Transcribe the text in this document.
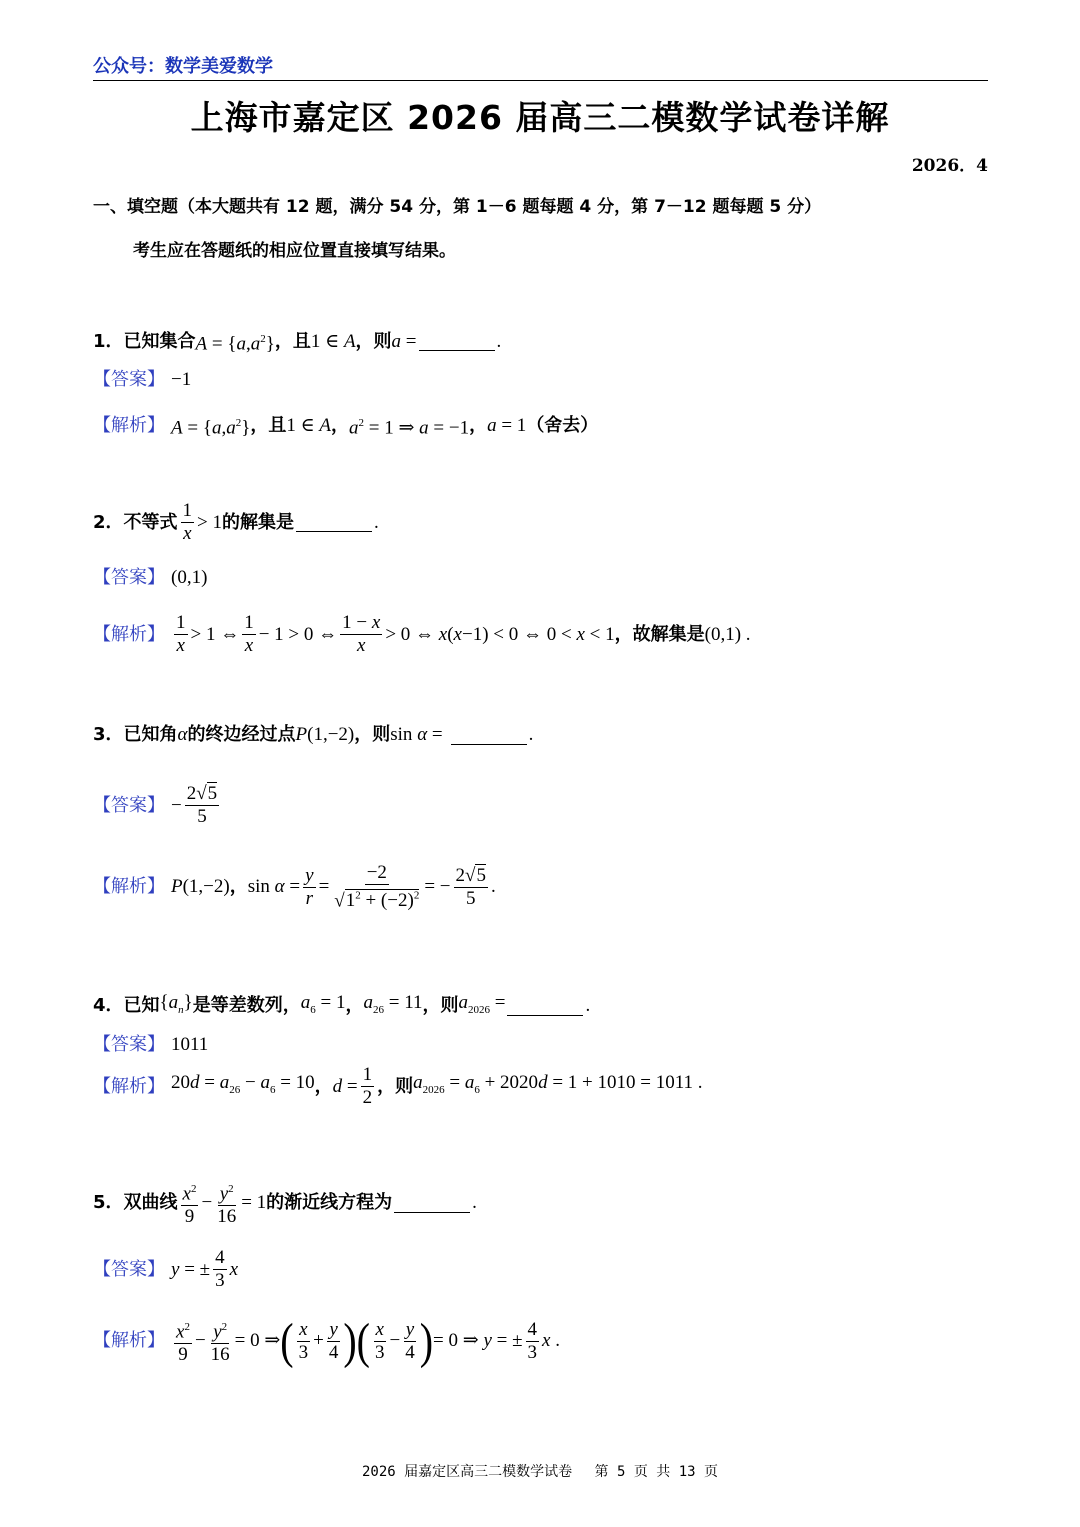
公众号：数学美爱数学
上海市嘉定区 2026 届高三二模数学试卷详解
2026．4
一、填空题（本大题共有 12 题，满分 54 分，第 1－6 题每题 4 分，第 7－12 题每题 5 分）
考生应在答题纸的相应位置直接填写结果。
1． 已知集合 $A = \{a,a^2\}$ ，且 1 ∈ A ，则 a =	.
【答案】 −1
【解析】 $A = \{a,a^2\}$ ，且 1 ∈ A ， $a^2 = 1$ ⇒ a = −1 ， a = 1 （舍去）
2． 不等式 $\frac{1}{x} > 1$ 的解集是	.
【答案】 (0,1)
【解析】 $\frac{1}{x} > 1$ ⇔ $\frac{1}{x} - 1 > 0$ ⇔ $\frac{1 - x}{x} > 0$ ⇔ x(x−1) < 0 ⇔ 0 < x < 1 ，故解集是 (0,1) .
3． 已知角 α 的终边经过点 P(1,−2) ，则 sin α =	.
【答案】 − $\frac{2√5}{5}$
【解析】 P(1,−2) ， $\sin \alpha = \frac{y}{r} = \frac{-2}{√1^2 + (-2)^2}$ = − $\frac{2√5}{5}$ .
4． 已知 $\{a_n\}$ 是等差数列， $a_6 = 1$ ， $a_{26} = 11$ ，则 $a_{2026}$ =	.
【答案】 1011
【解析】 $20d = a_{26} - a_6 = 10$ ， $d = \frac{1}{2}$ ，则 $a_{2026} = a_6 + 2020d = 1 + 1010 = 1011$ .
5． 双曲线 $\frac{x^2}{9} - \frac{y^2}{16} = 1$ 的渐近线方程为	.
【答案】 y = ± $\frac{4}{3}$ x
【解析】 $\frac{x^2}{9} - \frac{y^2}{16} = 0$ ⇒ ( $\frac{x}{3} + \frac{y}{4}$ ) ( $\frac{x}{3} - \frac{y}{4}$ ) = 0 ⇒ y = ± $\frac{4}{3}$ x .
2026 届嘉定区高三二模数学试卷　 第 5 页 共 13 页
